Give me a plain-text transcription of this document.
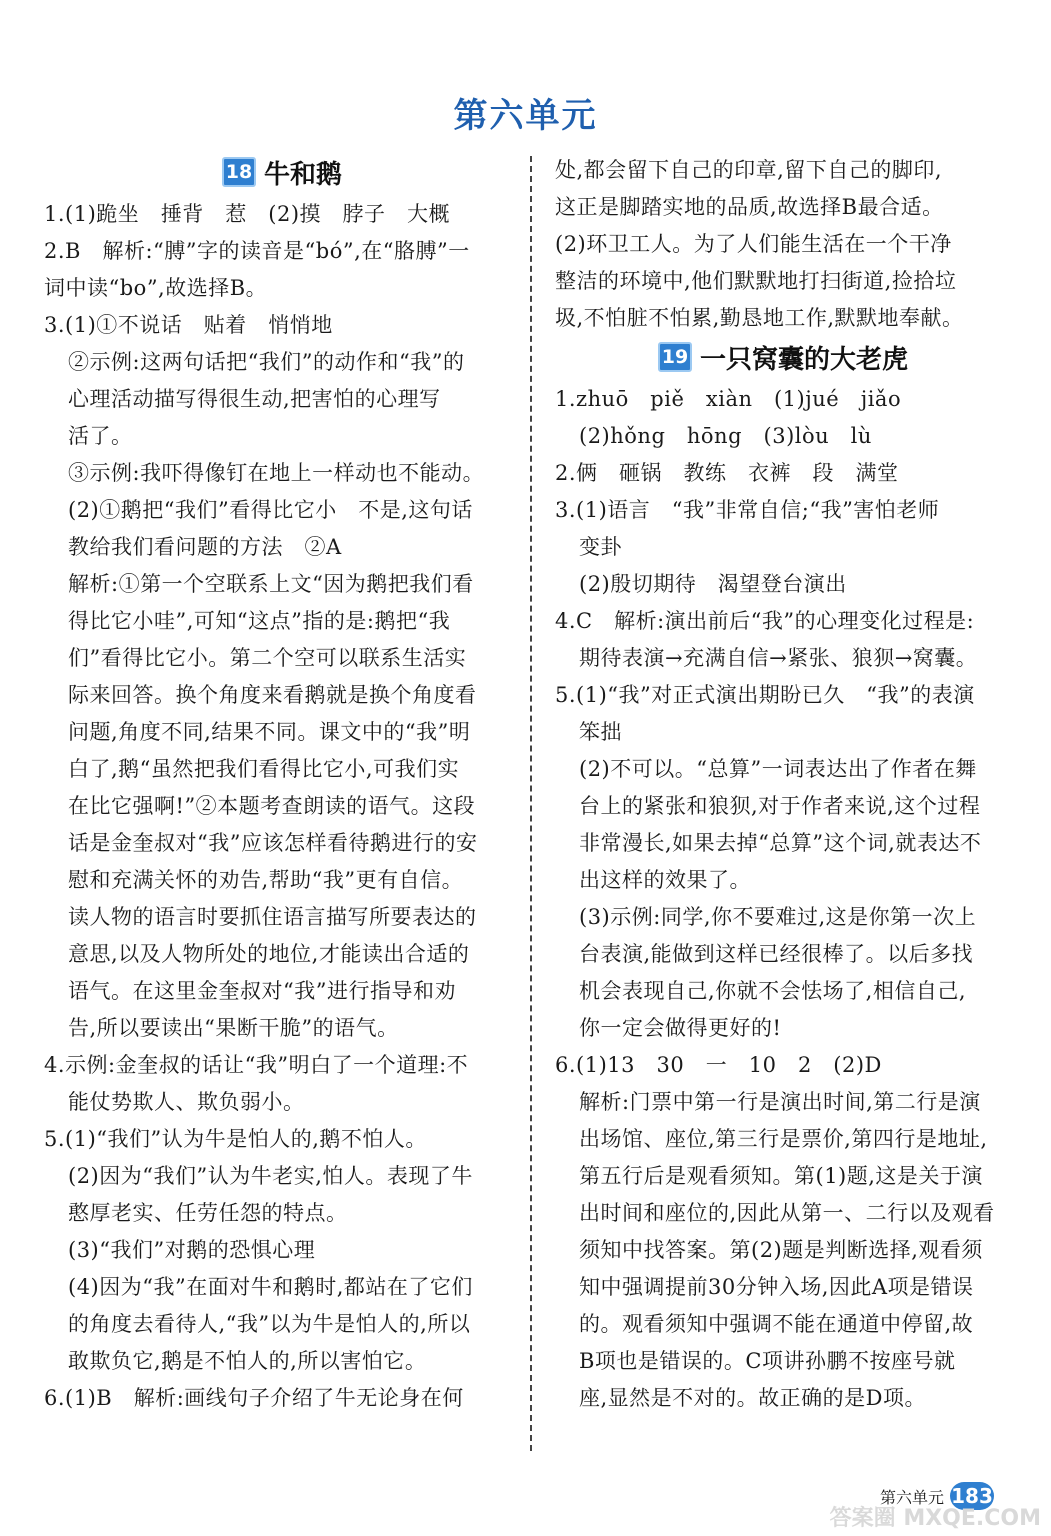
第六单元
18 牛和鹅

1.(1)跪坐　捶背　惹　(2)摸　脖子　大概

2.B　解析:“膊”字的读音是“bó”,在“胳膊”一

词中读“bo”,故选择B。

3.(1)①不说话　贴着　悄悄地

②示例:这两句话把“我们”的动作和“我”的

心理活动描写得很生动,把害怕的心理写

活了。

③示例:我吓得像钉在地上一样动也不能动。

(2)①鹅把“我们”看得比它小　不是,这句话

教给我们看问题的方法　②A

解析:①第一个空联系上文“因为鹅把我们看

得比它小哇”,可知“这点”指的是:鹅把“我

们”看得比它小。第二个空可以联系生活实

际来回答。换个角度来看鹅就是换个角度看

问题,角度不同,结果不同。课文中的“我”明

白了,鹅“虽然把我们看得比它小,可我们实

在比它强啊!”②本题考查朗读的语气。这段

话是金奎叔对“我”应该怎样看待鹅进行的安

慰和充满关怀的劝告,帮助“我”更有自信。

读人物的语言时要抓住语言描写所要表达的

意思,以及人物所处的地位,才能读出合适的

语气。在这里金奎叔对“我”进行指导和劝

告,所以要读出“果断干脆”的语气。

4.示例:金奎叔的话让“我”明白了一个道理:不

能仗势欺人、欺负弱小。

5.(1)“我们”认为牛是怕人的,鹅不怕人。

(2)因为“我们”认为牛老实,怕人。表现了牛

憨厚老实、任劳任怨的特点。

(3)“我们”对鹅的恐惧心理

(4)因为“我”在面对牛和鹅时,都站在了它们

的角度去看待人,“我”以为牛是怕人的,所以

敢欺负它,鹅是不怕人的,所以害怕它。

6.(1)B　解析:画线句子介绍了牛无论身在何

处,都会留下自己的印章,留下自己的脚印,

这正是脚踏实地的品质,故选择B最合适。

(2)环卫工人。为了人们能生活在一个干净

整洁的环境中,他们默默地打扫街道,捡拾垃

圾,不怕脏不怕累,勤恳地工作,默默地奉献。

19 一只窝囊的大老虎

1.zhuō　piě　xiàn　(1)jué　jiǎo

(2)hǒng　hōng　(3)lòu　lù

2.俩　砸锅　教练　衣裤　段　满堂

3.(1)语言　“我”非常自信;“我”害怕老师

变卦

(2)殷切期待　渴望登台演出

4.C　解析:演出前后“我”的心理变化过程是:

期待表演→充满自信→紧张、狼狈→窝囊。

5.(1)“我”对正式演出期盼已久　“我”的表演

笨拙

(2)不可以。“总算”一词表达出了作者在舞

台上的紧张和狼狈,对于作者来说,这个过程

非常漫长,如果去掉“总算”这个词,就表达不

出这样的效果了。

(3)示例:同学,你不要难过,这是你第一次上

台表演,能做到这样已经很棒了。以后多找

机会表现自己,你就不会怯场了,相信自己,

你一定会做得更好的!

6.(1)13　30　一　10　2　(2)D

解析:门票中第一行是演出时间,第二行是演

出场馆、座位,第三行是票价,第四行是地址,

第五行后是观看须知。第(1)题,这是关于演

出时间和座位的,因此从第一、二行以及观看

须知中找答案。第(2)题是判断选择,观看须

知中强调提前30分钟入场,因此A项是错误

的。观看须知中强调不能在通道中停留,故

B项也是错误的。C项讲孙鹏不按座号就

座,显然是不对的。故正确的是D项。

第六单元 183
答案圈 MXQE.COM
